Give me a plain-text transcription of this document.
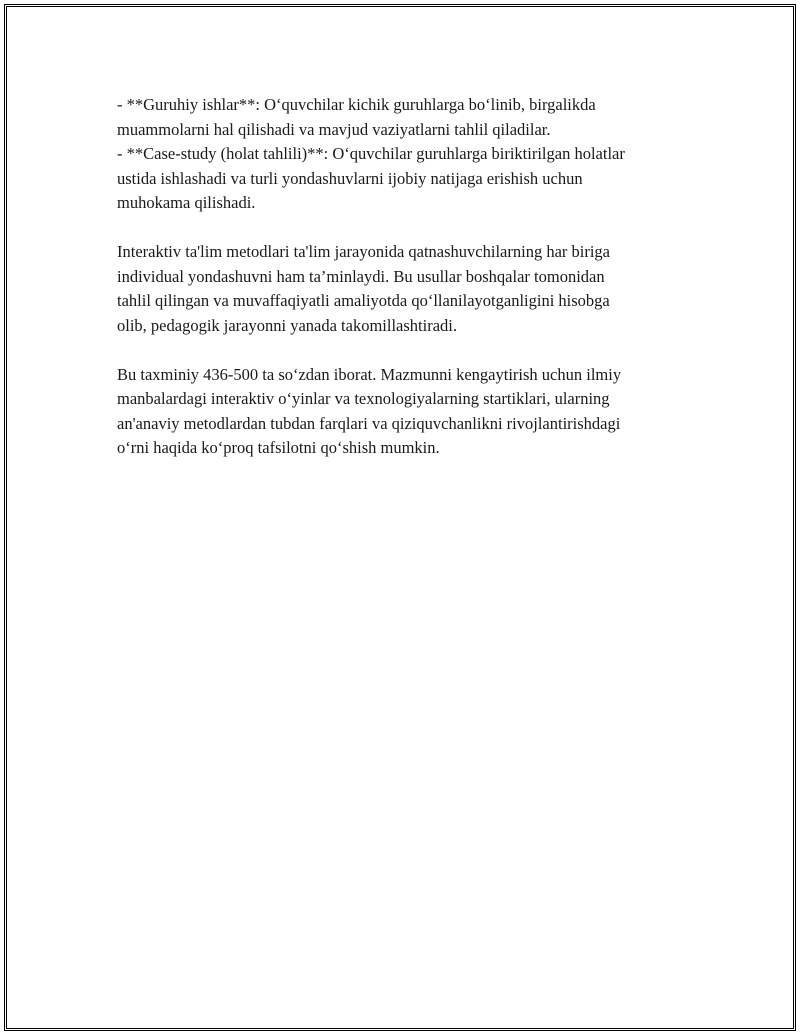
- **Guruhiy ishlar**: O‘quvchilar kichik guruhlarga bo‘linib, birgalikda
muammolarni hal qilishadi va mavjud vaziyatlarni tahlil qiladilar.
- **Case-study (holat tahlili)**: O‘quvchilar guruhlarga biriktirilgan holatlar
ustida ishlashadi va turli yondashuvlarni ijobiy natijaga erishish uchun
muhokama qilishadi.

Interaktiv ta'lim metodlari ta'lim jarayonida qatnashuvchilarning har biriga
individual yondashuvni ham ta’minlaydi. Bu usullar boshqalar tomonidan
tahlil qilingan va muvaffaqiyatli amaliyotda qo‘llanilayotganligini hisobga
olib, pedagogik jarayonni yanada takomillashtiradi.

Bu taxminiy 436-500 ta so‘zdan iborat. Mazmunni kengaytirish uchun ilmiy
manbalardagi interaktiv o‘yinlar va texnologiyalarning startiklari, ularning
an'anaviy metodlardan tubdan farqlari va qiziquvchanlikni rivojlantirishdagi
o‘rni haqida ko‘proq tafsilotni qo‘shish mumkin.
